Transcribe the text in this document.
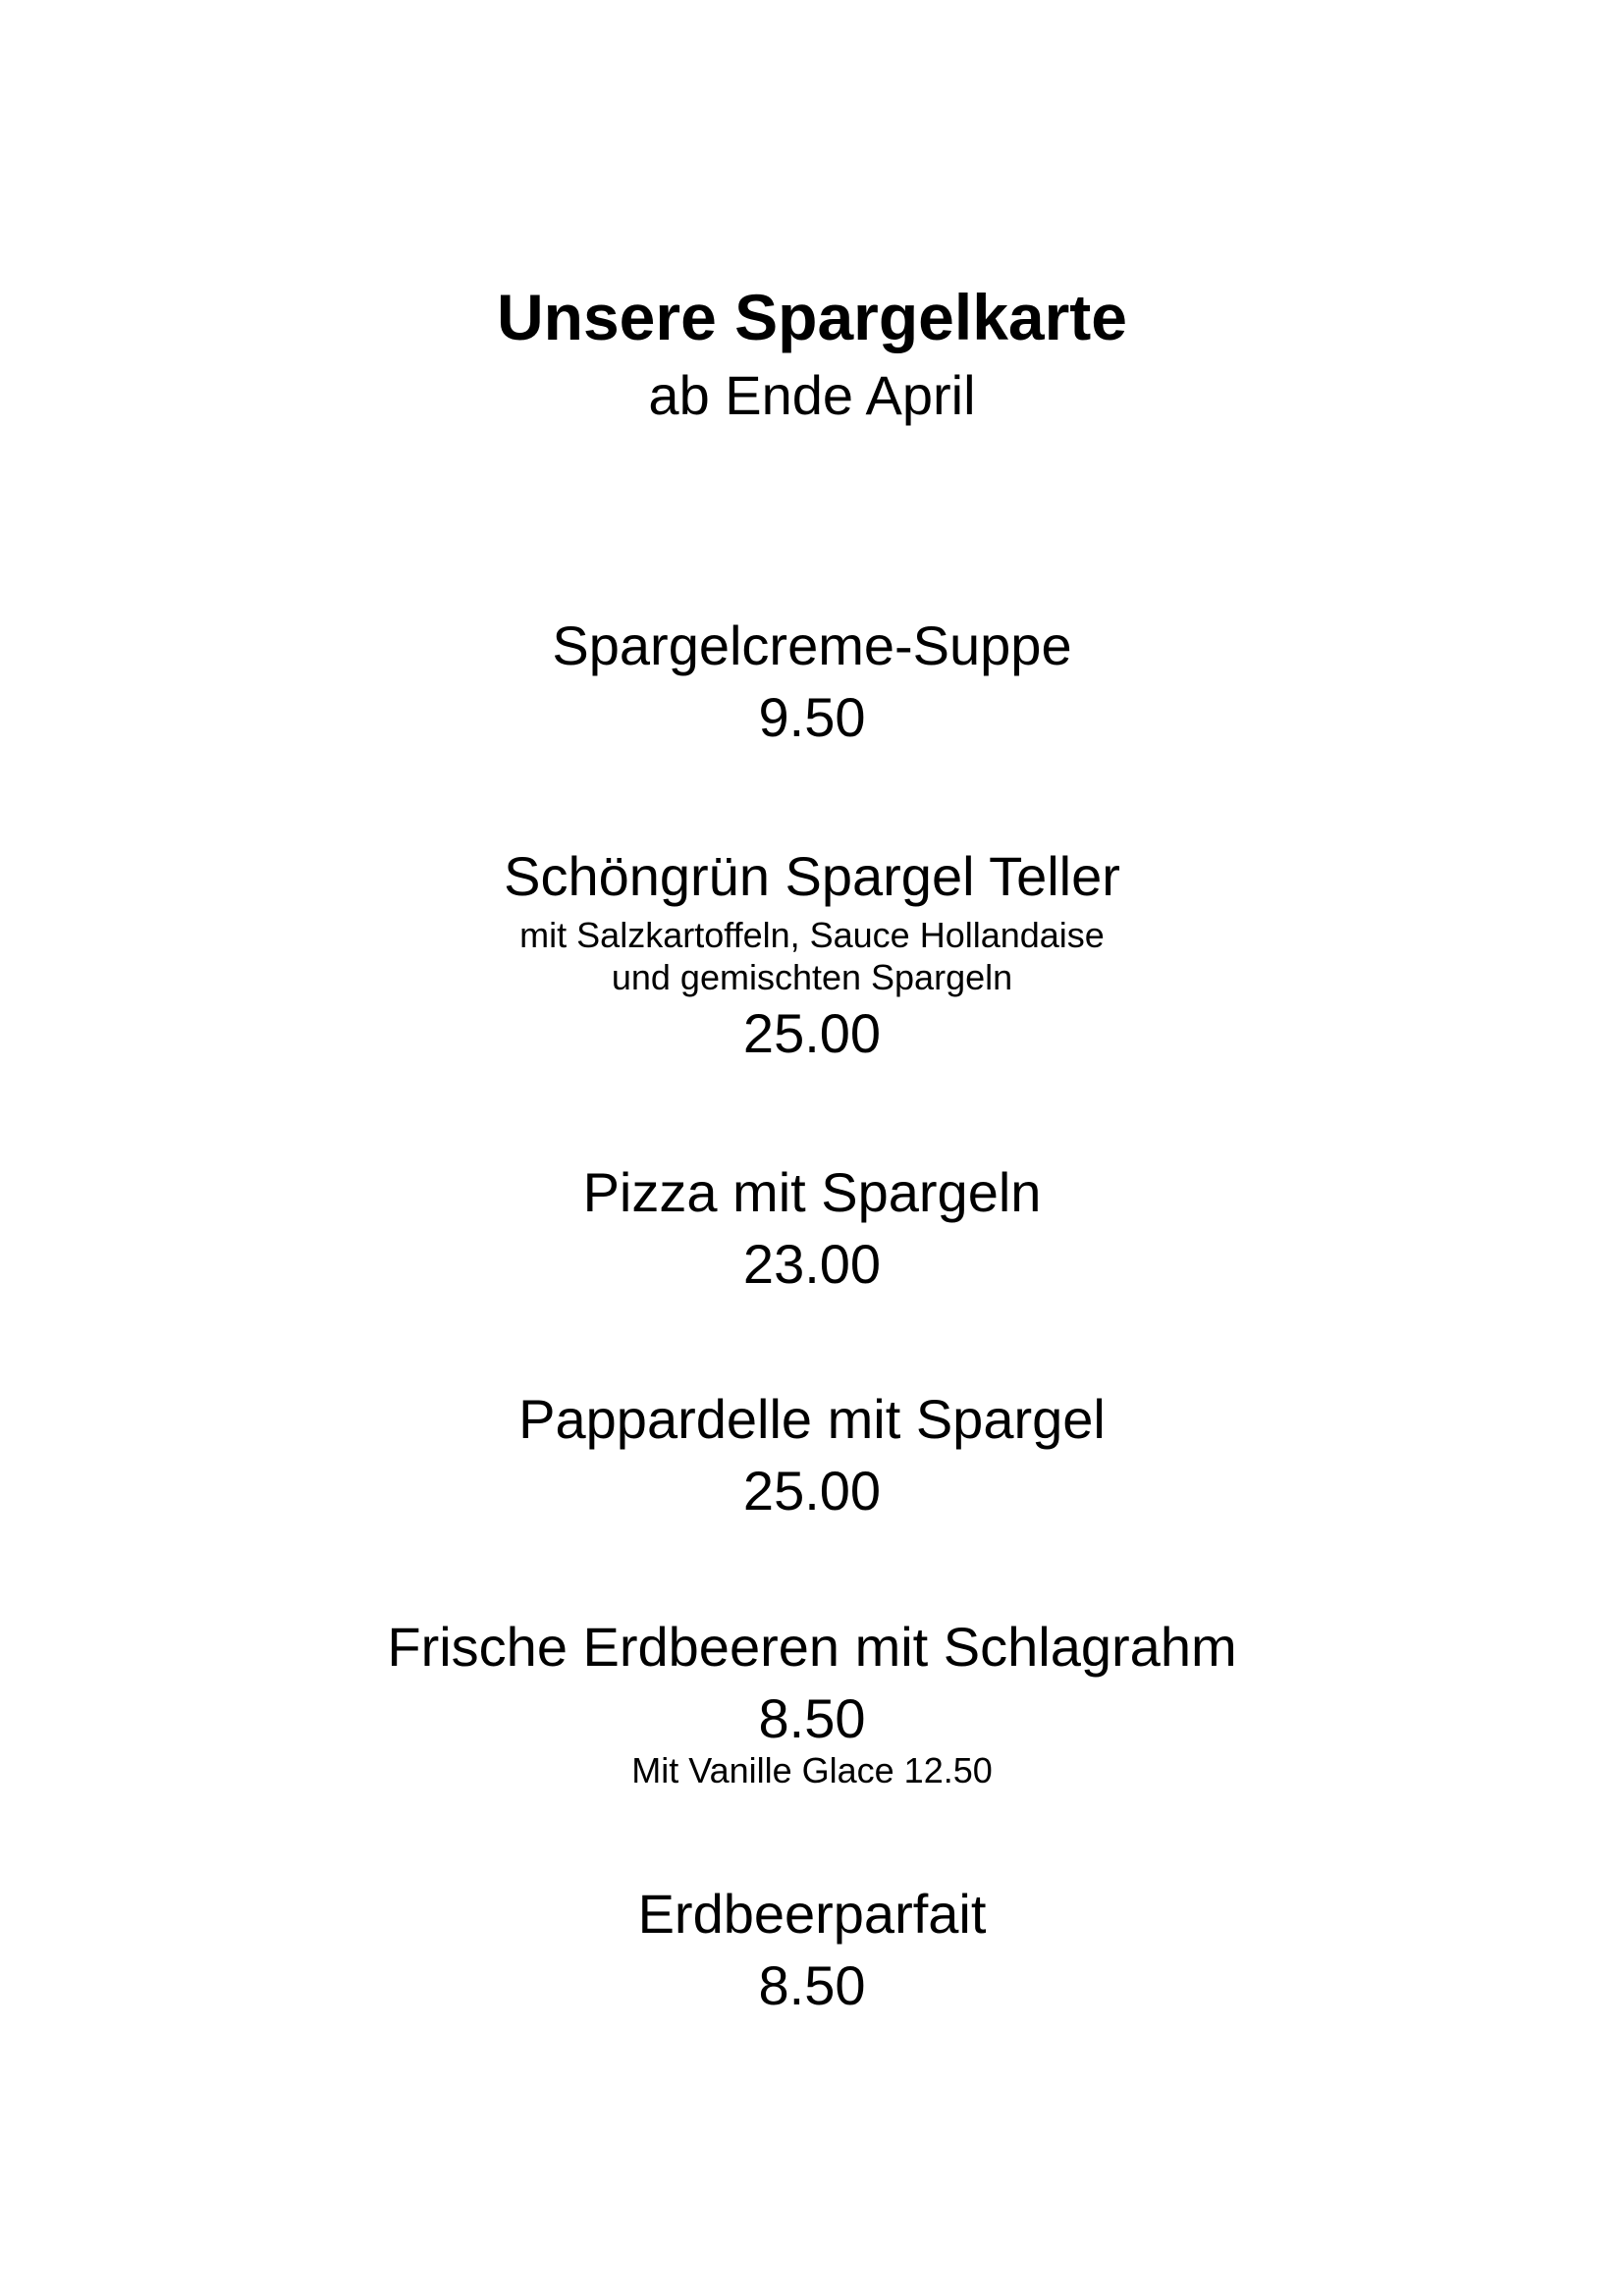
Unsere Spargelkarte
ab Ende April
Spargelcreme-Suppe
9.50
Schöngrün Spargel Teller
mit Salzkartoffeln, Sauce Hollandaise
und gemischten Spargeln
25.00
Pizza mit Spargeln
23.00
Pappardelle mit Spargel
25.00
Frische Erdbeeren mit Schlagrahm
8.50
Mit Vanille Glace 12.50
Erdbeerparfait
8.50
